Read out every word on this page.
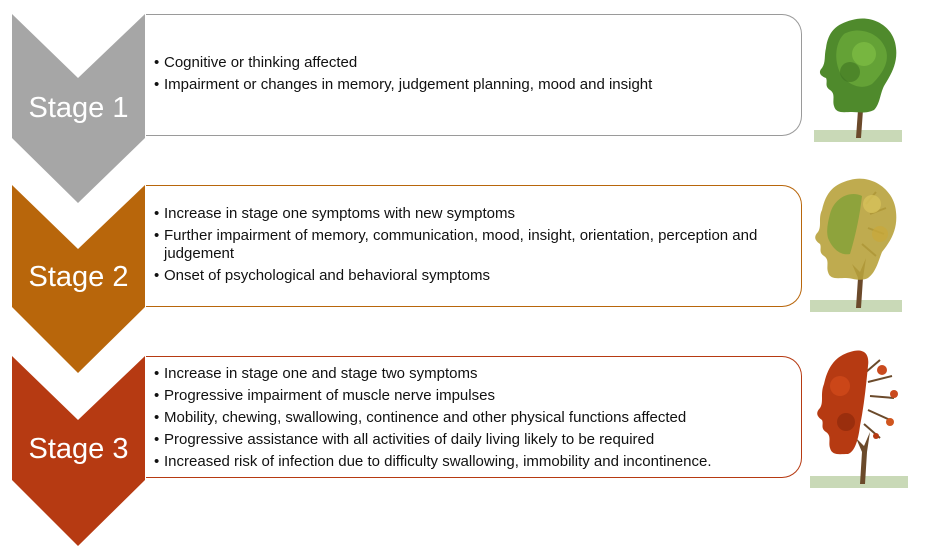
Stage 1
• Cognitive or thinking affected
• Impairment or changes in memory, judgement planning, mood and insight
Stage 2
• Increase in stage one symptoms with new symptoms
• Further impairment of memory, communication, mood, insight, orientation, perception and judgement
• Onset of psychological and behavioral symptoms
Stage 3
• Increase in stage one and stage two symptoms
• Progressive impairment of muscle nerve impulses
• Mobility, chewing, swallowing, continence and other physical functions affected
• Progressive assistance with all activities of daily living likely to be required
• Increased risk of infection due to difficulty swallowing, immobility and incontinence.
